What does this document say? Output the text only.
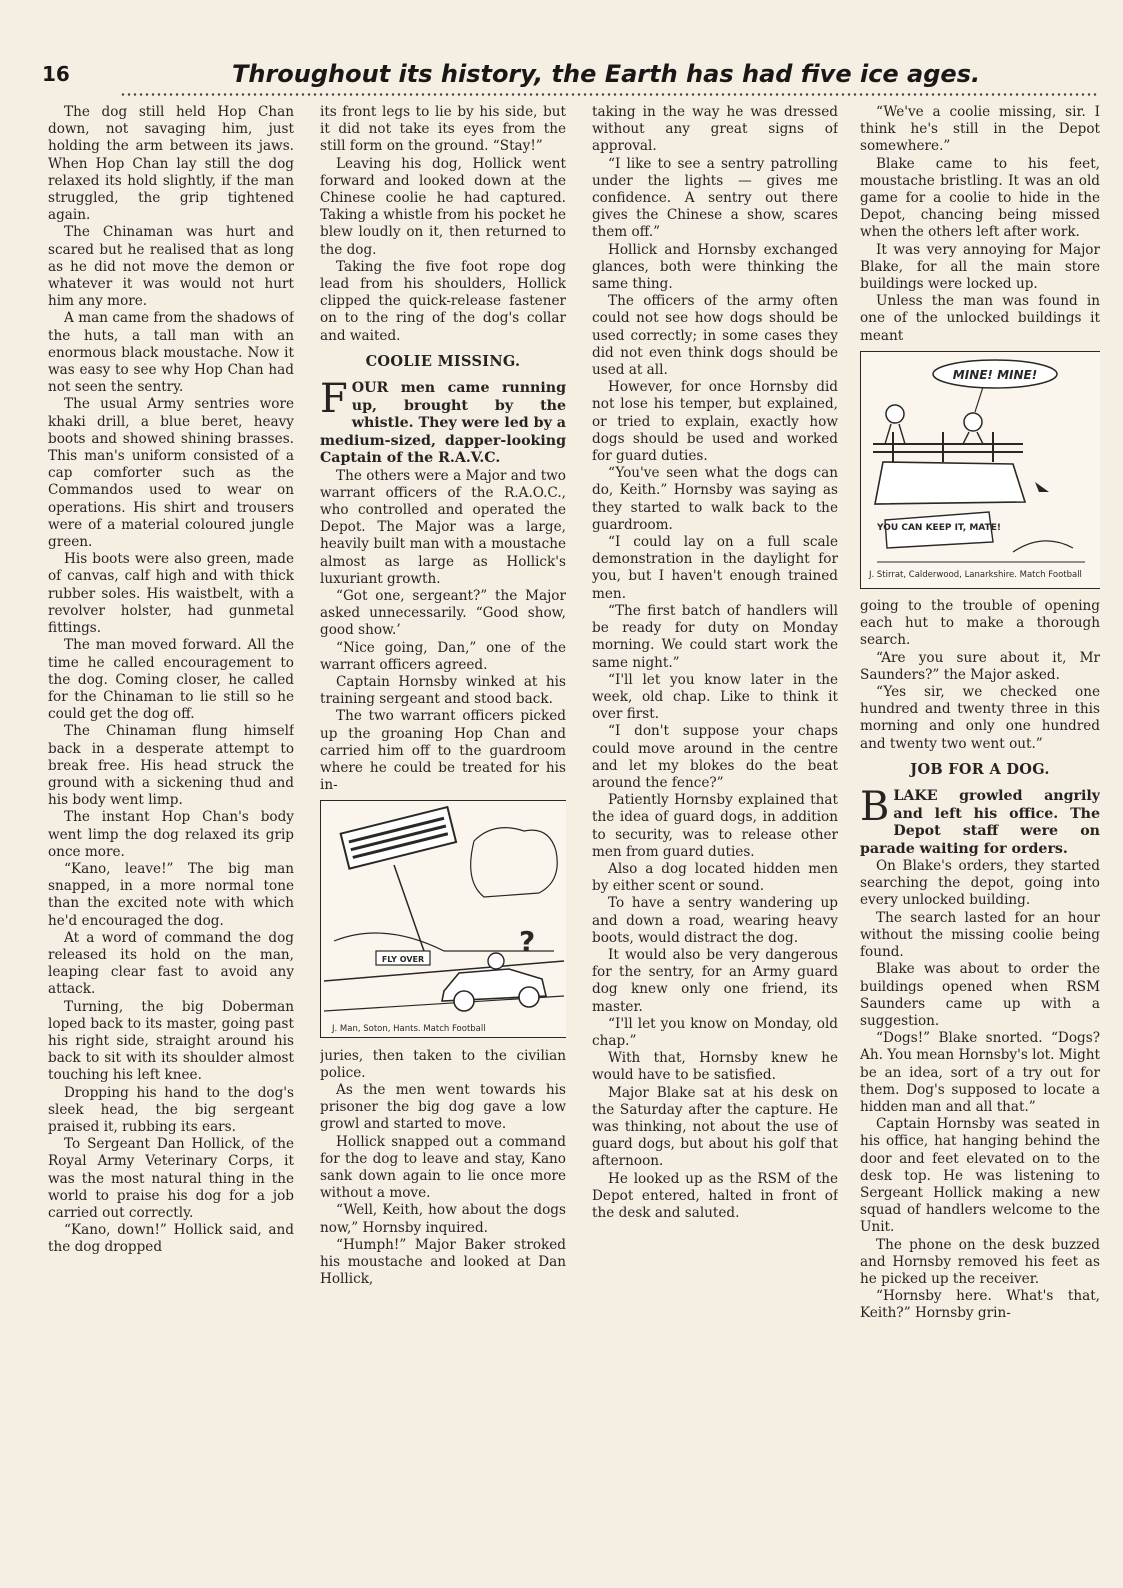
16	Throughout its history, the Earth has had five ice ages.

The dog still held Hop Chan down, not savaging him, just holding the arm between its jaws. When Hop Chan lay still the dog relaxed its hold slightly, if the man struggled, the grip tightened again.

The Chinaman was hurt and scared but he realised that as long as he did not move the demon or whatever it was would not hurt him any more.

A man came from the shadows of the huts, a tall man with an enormous black moustache. Now it was easy to see why Hop Chan had not seen the sentry.

The usual Army sentries wore khaki drill, a blue beret, heavy boots and showed shining brasses. This man's uniform consisted of a cap comforter such as the Commandos used to wear on operations. His shirt and trousers were of a material coloured jungle green.

His boots were also green, made of canvas, calf high and with thick rubber soles. His waistbelt, with a revolver holster, had gunmetal fittings.

The man moved forward. All the time he called encouragement to the dog. Coming closer, he called for the Chinaman to lie still so he could get the dog off.

The Chinaman flung himself back in a desperate attempt to break free. His head struck the ground with a sickening thud and his body went limp.

The instant Hop Chan's body went limp the dog relaxed its grip once more.

“Kano, leave!” The big man snapped, in a more normal tone than the excited note with which he'd encouraged the dog.

At a word of command the dog released its hold on the man, leaping clear fast to avoid any attack.

Turning, the big Doberman loped back to its master, going past his right side, straight around his back to sit with its shoulder almost touching his left knee.

Dropping his hand to the dog's sleek head, the big sergeant praised it, rubbing its ears.

To Sergeant Dan Hollick, of the Royal Army Veterinary Corps, it was the most natural thing in the world to praise his dog for a job carried out correctly.

“Kano, down!” Hollick said, and the dog dropped

its front legs to lie by his side, but it did not take its eyes from the still form on the ground. “Stay!”

Leaving his dog, Hollick went forward and looked down at the Chinese coolie he had captured. Taking a whistle from his pocket he blew loudly on it, then returned to the dog.

Taking the five foot rope dog lead from his shoulders, Hollick clipped the quick-release fastener on to the ring of the dog's collar and waited.

COOLIE MISSING.

FOUR men came running up, brought by the whistle. They were led by a medium-sized, dapper-looking Captain of the R.A.V.C.

The others were a Major and two warrant officers of the R.A.O.C., who controlled and operated the Depot. The Major was a large, heavily built man with a moustache almost as large as Hollick's luxuriant growth.

“Got one, sergeant?” the Major asked unnecessarily. “Good show, good show.’

“Nice going, Dan,” one of the warrant officers agreed.

Captain Hornsby winked at his training sergeant and stood back.

The two warrant officers picked up the groaning Hop Chan and carried him off to the guardroom where he could be treated for his in-

FLY OVER
?
J. Man, Soton, Hants. Match Football

juries, then taken to the civilian police.

As the men went towards his prisoner the big dog gave a low growl and started to move.

Hollick snapped out a command for the dog to leave and stay, Kano sank down again to lie once more without a move.

“Well, Keith, how about the dogs now,” Hornsby inquired.

“Humph!” Major Baker stroked his moustache and looked at Dan Hollick,

taking in the way he was dressed without any great signs of approval.

“I like to see a sentry patrolling under the lights — gives me confidence. A sentry out there gives the Chinese a show, scares them off.”

Hollick and Hornsby exchanged glances, both were thinking the same thing.

The officers of the army often could not see how dogs should be used correctly; in some cases they did not even think dogs should be used at all.

However, for once Hornsby did not lose his temper, but explained, or tried to explain, exactly how dogs should be used and worked for guard duties.

“You've seen what the dogs can do, Keith.” Hornsby was saying as they started to walk back to the guardroom.

“I could lay on a full scale demonstration in the daylight for you, but I haven't enough trained men.

“The first batch of handlers will be ready for duty on Monday morning. We could start work the same night.”

“I'll let you know later in the week, old chap. Like to think it over first.

“I don't suppose your chaps could move around in the centre and let my blokes do the beat around the fence?”

Patiently Hornsby explained that the idea of guard dogs, in addition to security, was to release other men from guard duties.

Also a dog located hidden men by either scent or sound.

To have a sentry wandering up and down a road, wearing heavy boots, would distract the dog.

It would also be very dangerous for the sentry, for an Army guard dog knew only one friend, its master.

“I'll let you know on Monday, old chap.”

With that, Hornsby knew he would have to be satisfied.

Major Blake sat at his desk on the Saturday after the capture. He was thinking, not about the use of guard dogs, but about his golf that afternoon.

He looked up as the RSM of the Depot entered, halted in front of the desk and saluted.

“We've a coolie missing, sir. I think he's still in the Depot somewhere.”

Blake came to his feet, moustache bristling. It was an old game for a coolie to hide in the Depot, chancing being missed when the others left after work.

It was very annoying for Major Blake, for all the main store buildings were locked up.

Unless the man was found in one of the unlocked buildings it meant

MINE! MINE!
YOU CAN KEEP IT, MATE!
J. Stirrat, Calderwood, Lanarkshire. Match Football

going to the trouble of opening each hut to make a thorough search.

“Are you sure about it, Mr Saunders?” the Major asked.

“Yes sir, we checked one hundred and twenty three in this morning and only one hundred and twenty two went out.”

JOB FOR A DOG.

BLAKE growled angrily and left his office. The Depot staff were on parade waiting for orders.

On Blake's orders, they started searching the depot, going into every unlocked building.

The search lasted for an hour without the missing coolie being found.

Blake was about to order the buildings opened when RSM Saunders came up with a suggestion.

“Dogs!” Blake snorted. “Dogs? Ah. You mean Hornsby's lot. Might be an idea, sort of a try out for them. Dog's supposed to locate a hidden man and all that.”

Captain Hornsby was seated in his office, hat hanging behind the door and feet elevated on to the desk top. He was listening to Sergeant Hollick making a new squad of handlers welcome to the Unit.

The phone on the desk buzzed and Hornsby removed his feet as he picked up the receiver.

“Hornsby here. What's that, Keith?” Hornsby grin-
